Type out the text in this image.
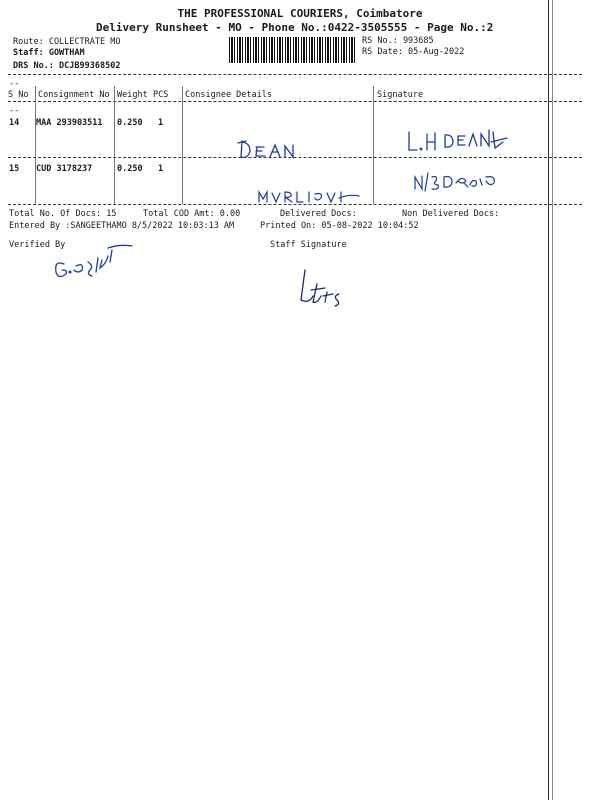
THE PROFESSIONAL COURIERS, Coimbatore
Delivery Runsheet - MO - Phone No.:0422-3505555 - Page No.:2
Route: COLLECTRATE MO
Staff: GOWTHAM
DRS No.: DCJB99368502
RS No.: 993685
RS Date: 05-Aug-2022
--
S No Consignment No Weight PCS Consignee Details	Signature
--
14 MAA 293903511 0.250 1
15 CUD 3178237	0.250 1
Total No. Of Docs: 15	Total COD Amt: 0.00	Delivered Docs:	Non Delivered Docs:
Entered By :SANGEETHAMO 8/5/2022 10:03:13 AM	Printed On: 05-08-2022 10:04:52
Verified By	Staff Signature
